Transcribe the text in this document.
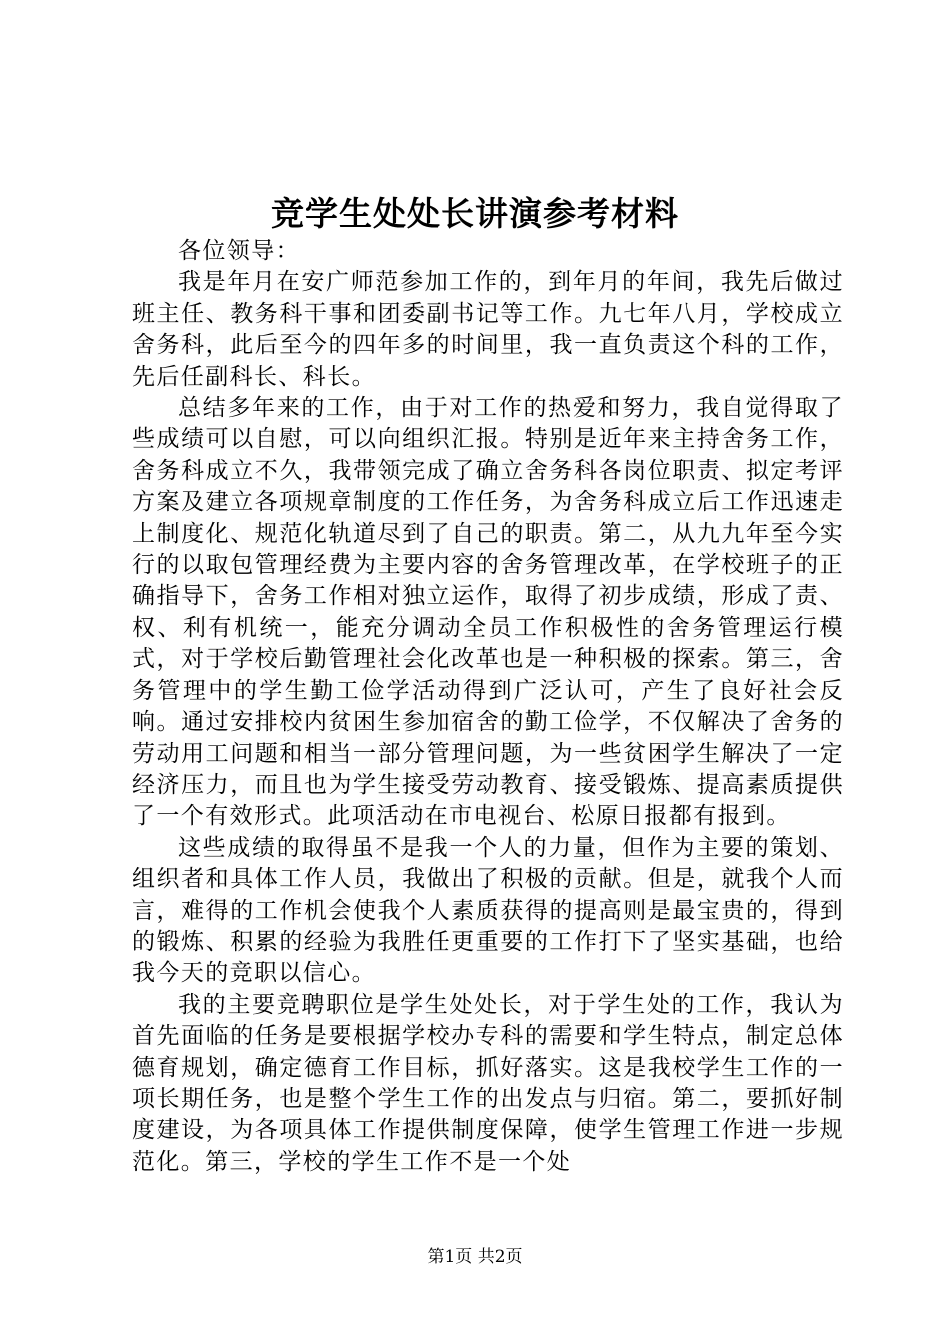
竞学生处处长讲演参考材料

各位领导：

我是年月在安广师范参加工作的，到年月的年间，我先后做过班主任、教务科干事和团委副书记等工作。九七年八月，学校成立舍务科，此后至今的四年多的时间里，我一直负责这个科的工作，先后任副科长、科长。

总结多年来的工作，由于对工作的热爱和努力，我自觉得取了些成绩可以自慰，可以向组织汇报。特别是近年来主持舍务工作，舍务科成立不久，我带领完成了确立舍务科各岗位职责、拟定考评方案及建立各项规章制度的工作任务，为舍务科成立后工作迅速走上制度化、规范化轨道尽到了自己的职责。第二，从九九年至今实行的以取包管理经费为主要内容的舍务管理改革，在学校班子的正确指导下，舍务工作相对独立运作，取得了初步成绩，形成了责、权、利有机统一，能充分调动全员工作积极性的舍务管理运行模式，对于学校后勤管理社会化改革也是一种积极的探索。第三，舍务管理中的学生勤工俭学活动得到广泛认可，产生了良好社会反响。通过安排校内贫困生参加宿舍的勤工俭学，不仅解决了舍务的劳动用工问题和相当一部分管理问题，为一些贫困学生解决了一定经济压力，而且也为学生接受劳动教育、接受锻炼、提高素质提供了一个有效形式。此项活动在市电视台、松原日报都有报到。

这些成绩的取得虽不是我一个人的力量，但作为主要的策划、组织者和具体工作人员，我做出了积极的贡献。但是，就我个人而言，难得的工作机会使我个人素质获得的提高则是最宝贵的，得到的锻炼、积累的经验为我胜任更重要的工作打下了坚实基础，也给我今天的竞职以信心。

我的主要竞聘职位是学生处处长，对于学生处的工作，我认为首先面临的任务是要根据学校办专科的需要和学生特点，制定总体德育规划，确定德育工作目标，抓好落实。这是我校学生工作的一项长期任务，也是整个学生工作的出发点与归宿。第二，要抓好制度建设，为各项具体工作提供制度保障，使学生管理工作进一步规范化。第三，学校的学生工作不是一个处

第1页 共2页
